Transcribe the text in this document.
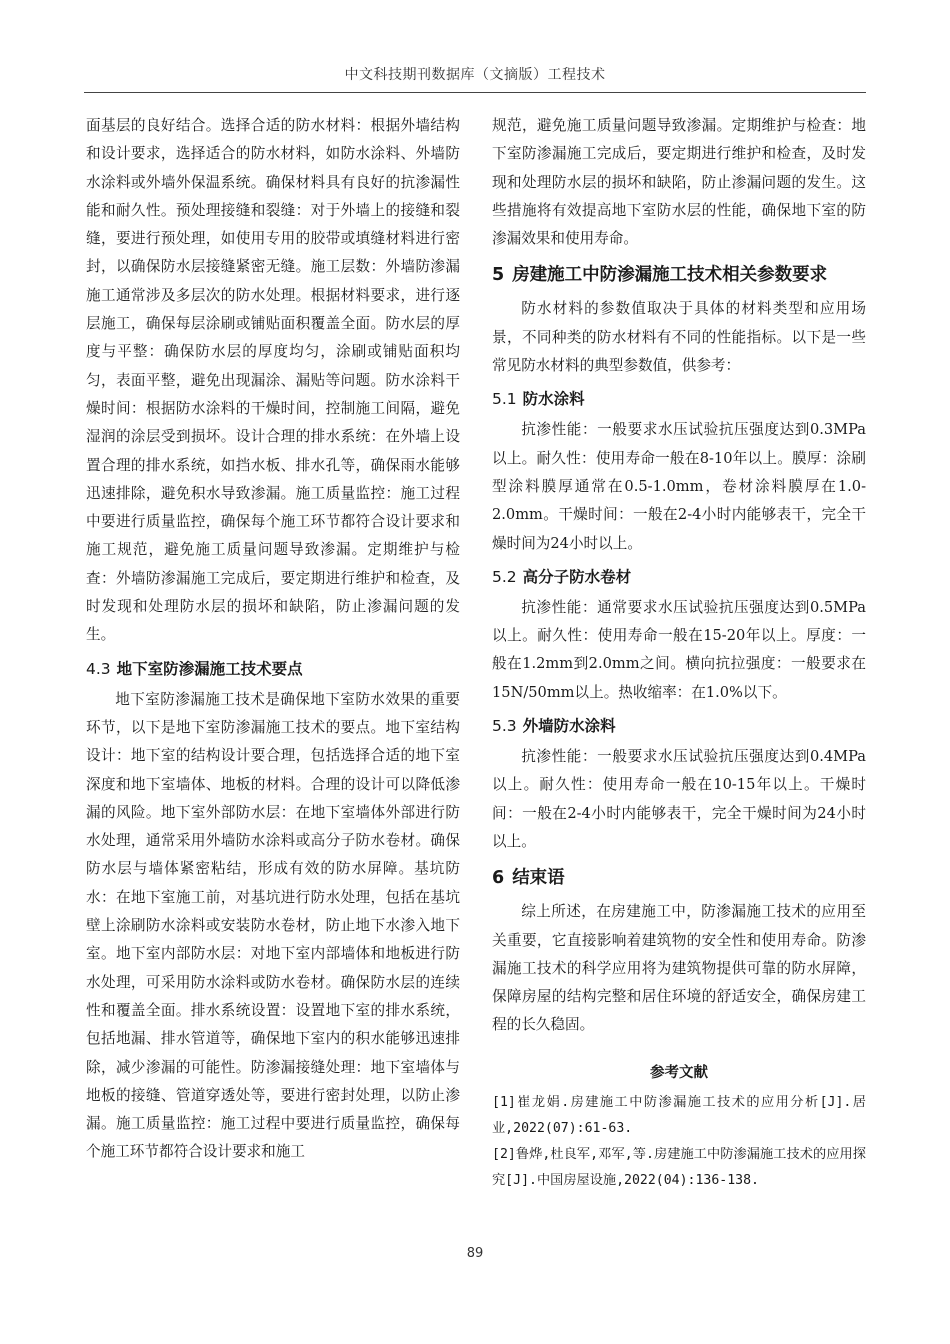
中文科技期刊数据库（文摘版）工程技术

面基层的良好结合。选择合适的防水材料：根据外墙结构和设计要求，选择适合的防水材料，如防水涂料、外墙防水涂料或外墙外保温系统。确保材料具有良好的抗渗漏性能和耐久性。预处理接缝和裂缝：对于外墙上的接缝和裂缝，要进行预处理，如使用专用的胶带或填缝材料进行密封，以确保防水层接缝紧密无缝。施工层数：外墙防渗漏施工通常涉及多层次的防水处理。根据材料要求，进行逐层施工，确保每层涂刷或铺贴面积覆盖全面。防水层的厚度与平整：确保防水层的厚度均匀，涂刷或铺贴面积均匀，表面平整，避免出现漏涂、漏贴等问题。防水涂料干燥时间：根据防水涂料的干燥时间，控制施工间隔，避免湿润的涂层受到损坏。设计合理的排水系统：在外墙上设置合理的排水系统，如挡水板、排水孔等，确保雨水能够迅速排除，避免积水导致渗漏。施工质量监控：施工过程中要进行质量监控，确保每个施工环节都符合设计要求和施工规范，避免施工质量问题导致渗漏。定期维护与检查：外墙防渗漏施工完成后，要定期进行维护和检查，及时发现和处理防水层的损坏和缺陷，防止渗漏问题的发生。

4.3 地下室防渗漏施工技术要点

地下室防渗漏施工技术是确保地下室防水效果的重要环节，以下是地下室防渗漏施工技术的要点。地下室结构设计：地下室的结构设计要合理，包括选择合适的地下室深度和地下室墙体、地板的材料。合理的设计可以降低渗漏的风险。地下室外部防水层：在地下室墙体外部进行防水处理，通常采用外墙防水涂料或高分子防水卷材。确保防水层与墙体紧密粘结，形成有效的防水屏障。基坑防水：在地下室施工前，对基坑进行防水处理，包括在基坑壁上涂刷防水涂料或安装防水卷材，防止地下水渗入地下室。地下室内部防水层：对地下室内部墙体和地板进行防水处理，可采用防水涂料或防水卷材。确保防水层的连续性和覆盖全面。排水系统设置：设置地下室的排水系统，包括地漏、排水管道等，确保地下室内的积水能够迅速排除，减少渗漏的可能性。防渗漏接缝处理：地下室墙体与地板的接缝、管道穿透处等，要进行密封处理，以防止渗漏。施工质量监控：施工过程中要进行质量监控，确保每个施工环节都符合设计要求和施工

规范，避免施工质量问题导致渗漏。定期维护与检查：地下室防渗漏施工完成后，要定期进行维护和检查，及时发现和处理防水层的损坏和缺陷，防止渗漏问题的发生。这些措施将有效提高地下室防水层的性能，确保地下室的防渗漏效果和使用寿命。

5 房建施工中防渗漏施工技术相关参数要求

防水材料的参数值取决于具体的材料类型和应用场景，不同种类的防水材料有不同的性能指标。以下是一些常见防水材料的典型参数值，供参考：

5.1 防水涂料

抗渗性能：一般要求水压试验抗压强度达到0.3MPa以上。耐久性：使用寿命一般在8-10年以上。膜厚：涂刷型涂料膜厚通常在0.5-1.0mm，卷材涂料膜厚在1.0-2.0mm。干燥时间：一般在2-4小时内能够表干，完全干燥时间为24小时以上。

5.2 高分子防水卷材

抗渗性能：通常要求水压试验抗压强度达到0.5MPa以上。耐久性：使用寿命一般在15-20年以上。厚度：一般在1.2mm到2.0mm之间。横向抗拉强度：一般要求在15N/50mm以上。热收缩率：在1.0%以下。

5.3 外墙防水涂料

抗渗性能：一般要求水压试验抗压强度达到0.4MPa以上。耐久性：使用寿命一般在10-15年以上。干燥时间：一般在2-4小时内能够表干，完全干燥时间为24小时以上。

6 结束语

综上所述，在房建施工中，防渗漏施工技术的应用至关重要，它直接影响着建筑物的安全性和使用寿命。防渗漏施工技术的科学应用将为建筑物提供可靠的防水屏障，保障房屋的结构完整和居住环境的舒适安全，确保房建工程的长久稳固。

参考文献

[1]崔龙娟.房建施工中防渗漏施工技术的应用分析[J].居业,2022(07):61-63.

[2]鲁烨,杜良军,邓军,等.房建施工中防渗漏施工技术的应用探究[J].中国房屋设施,2022(04):136-138.

89
